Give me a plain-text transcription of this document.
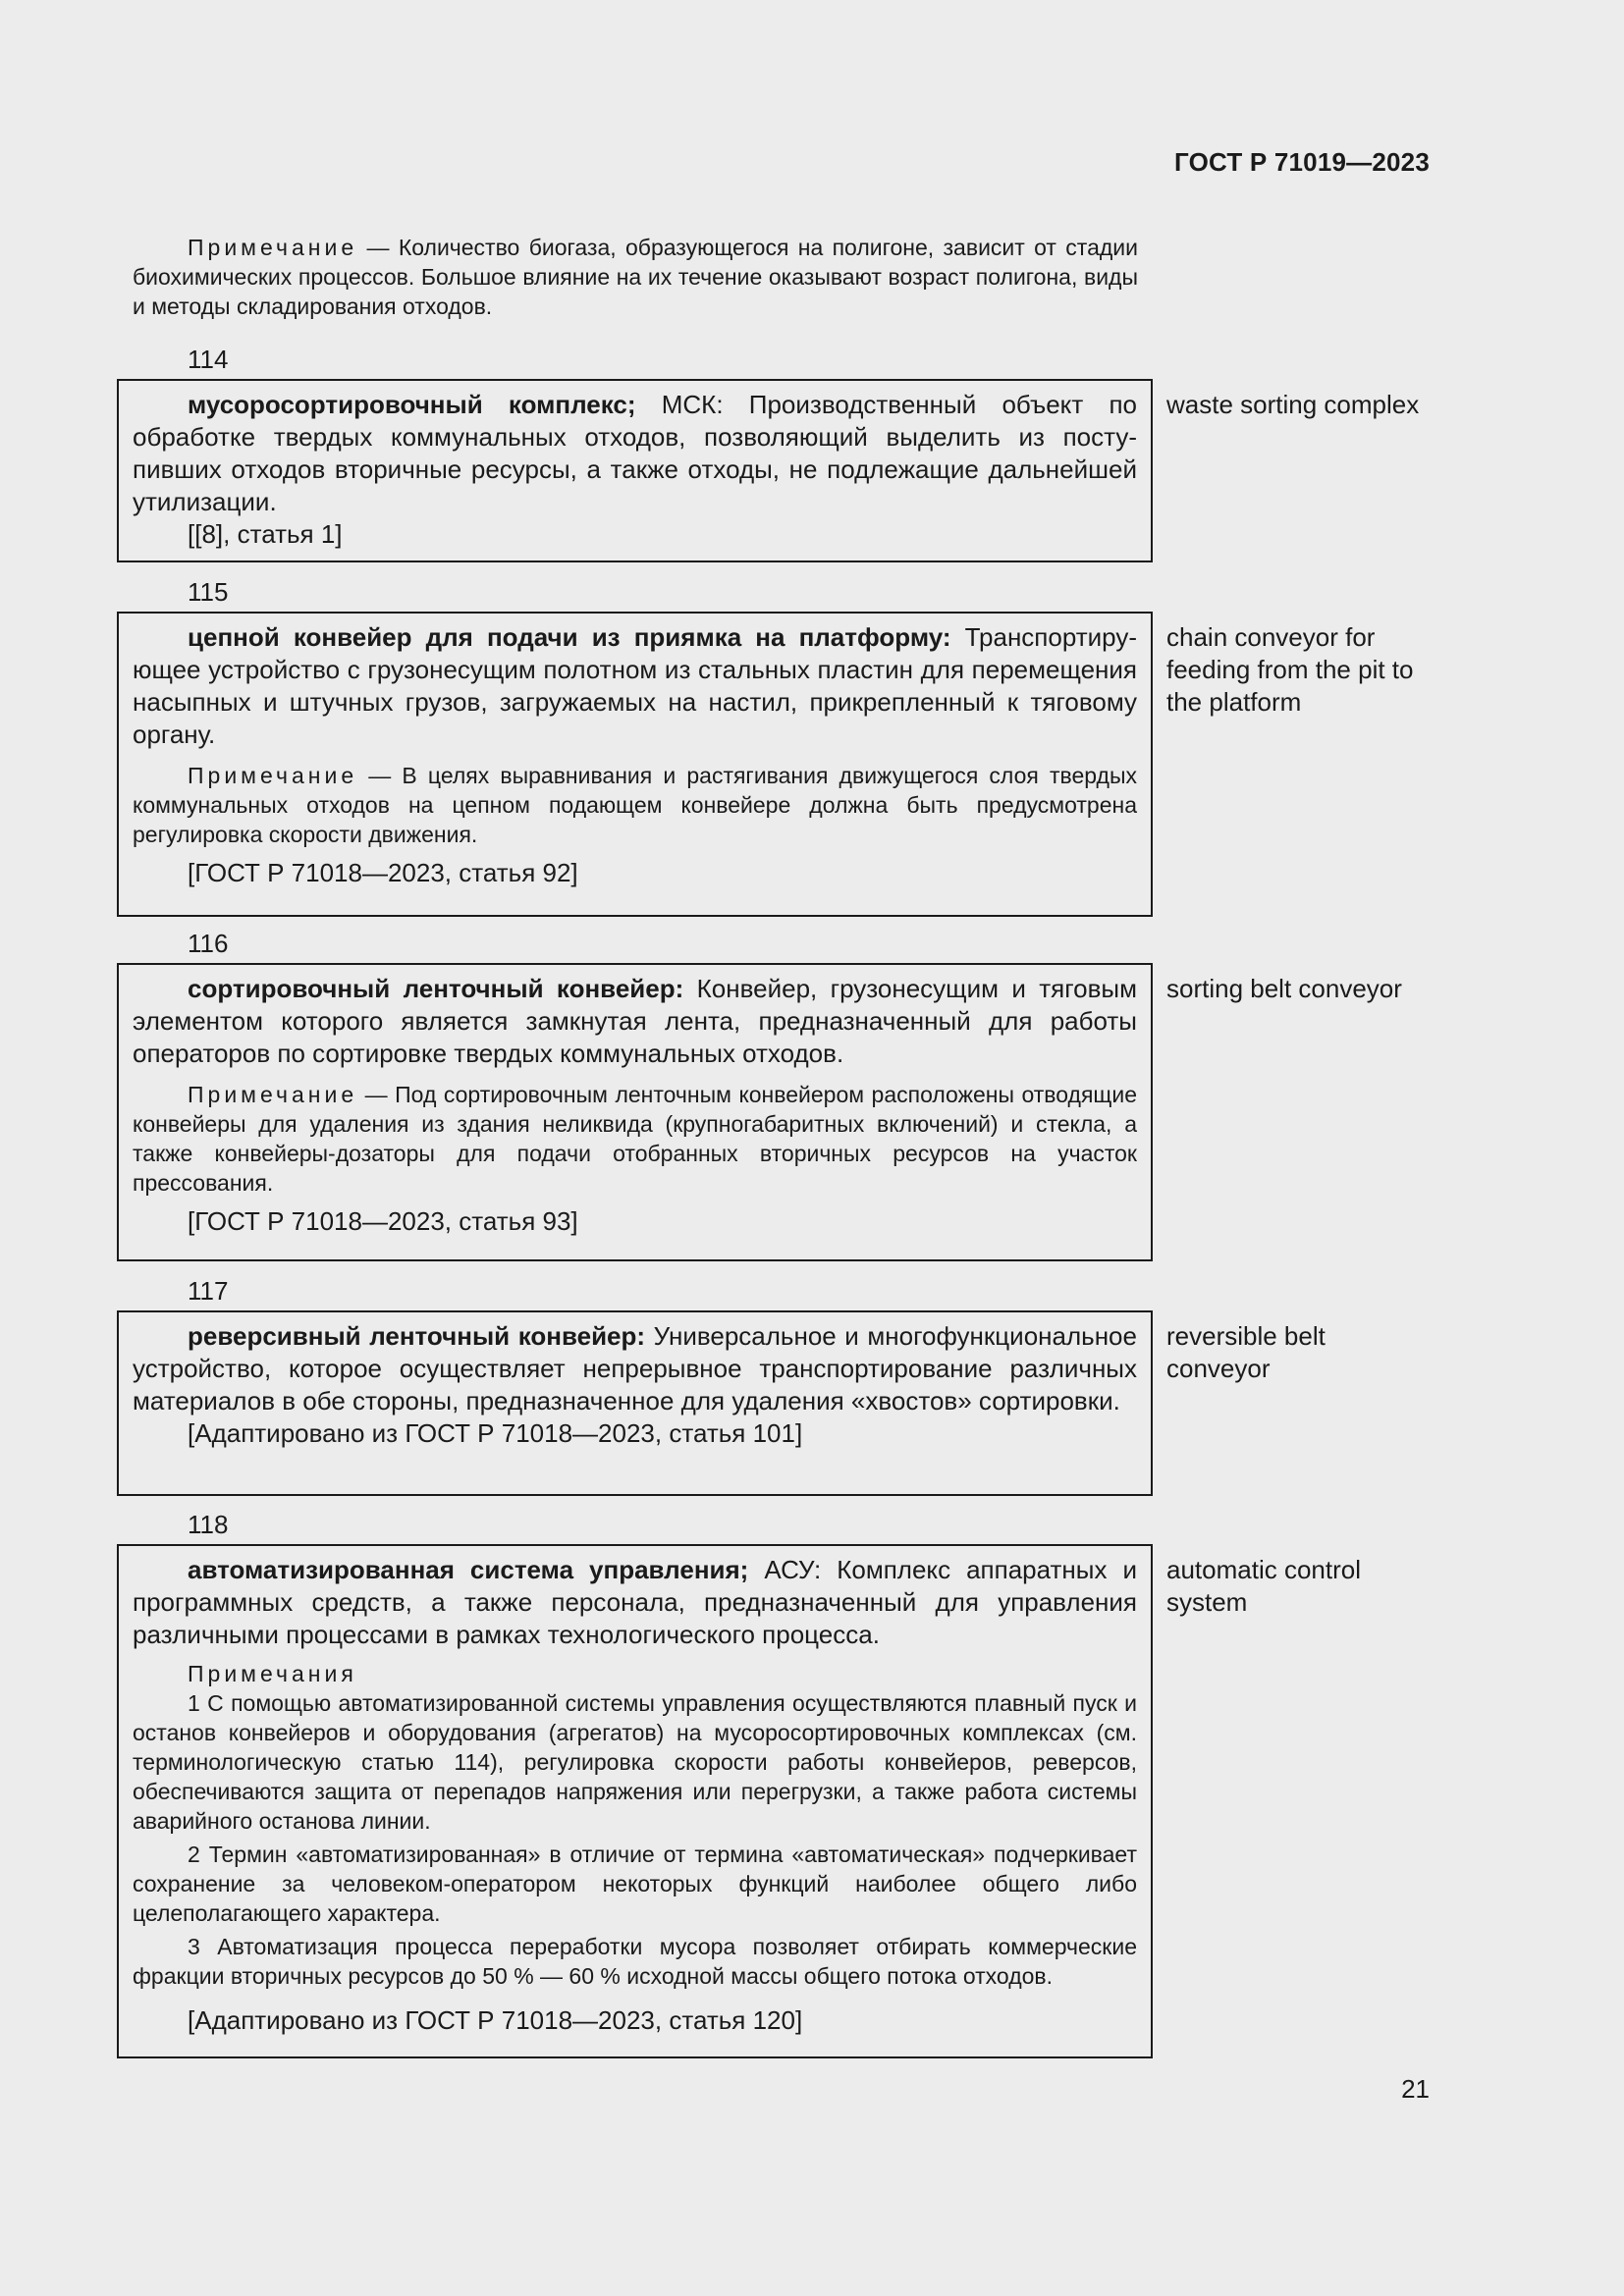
ГОСТ Р 71019—2023

Примечание — Количество биогаза, образующегося на полигоне, зависит от стадии биохимических процессов. Большое влияние на их течение оказывают возраст полигона, виды и методы складирования отходов.

114

мусоросортировочный комплекс; МСК: Производственный объект по обработке твердых коммунальных отходов, позволяющий выделить из поступивших отходов вторичные ресурсы, а также отходы, не подлежащие дальнейшей утилизации.

[[8], статья 1]
waste sorting complex
115

цепной конвейер для подачи из приямка на платформу: Транспортирующее устройство с грузонесущим полотном из стальных пластин для перемещения насыпных и штучных грузов, загружаемых на настил, прикрепленный к тяговому органу.

Примечание — В целях выравнивания и растягивания движущегося слоя твердых коммунальных отходов на цепном подающем конвейере должна быть предусмотрена регулировка скорости движения.

[ГОСТ Р 71018—2023, статья 92]
chain conveyor for feeding from the pit to the platform
116

сортировочный ленточный конвейер: Конвейер, грузонесущим и тяговым элементом которого является замкнутая лента, предназначенный для работы операторов по сортировке твердых коммунальных отходов.

Примечание — Под сортировочным ленточным конвейером расположены отводящие конвейеры для удаления из здания неликвида (крупногабаритных включений) и стекла, а также конвейеры-дозаторы для подачи отобранных вторичных ресурсов на участок прессования.

[ГОСТ Р 71018—2023, статья 93]
sorting belt conveyor
117

реверсивный ленточный конвейер: Универсальное и многофункциональное устройство, которое осуществляет непрерывное транспортирование различных материалов в обе стороны, предназначенное для удаления «хвостов» сортировки.

[Адаптировано из ГОСТ Р 71018—2023, статья 101]
reversible belt conveyor
118

автоматизированная система управления; АСУ: Комплекс аппаратных и программных средств, а также персонала, предназначенный для управления различными процессами в рамках технологического процесса.

Примечания

1 С помощью автоматизированной системы управления осуществляются плавный пуск и останов конвейеров и оборудования (агрегатов) на мусоросортировочных комплексах (см. терминологическую статью 114), регулировка скорости работы конвейеров, реверсов, обеспечиваются защита от перепадов напряжения или перегрузки, а также работа системы аварийного останова линии.

2 Термин «автоматизированная» в отличие от термина «автоматическая» подчеркивает сохранение за человеком-оператором некоторых функций наиболее общего либо целеполагающего характера.

3 Автоматизация процесса переработки мусора позволяет отбирать коммерческие фракции вторичных ресурсов до 50 % — 60 % исходной массы общего потока отходов.

[Адаптировано из ГОСТ Р 71018—2023, статья 120]
automatic control system
21
